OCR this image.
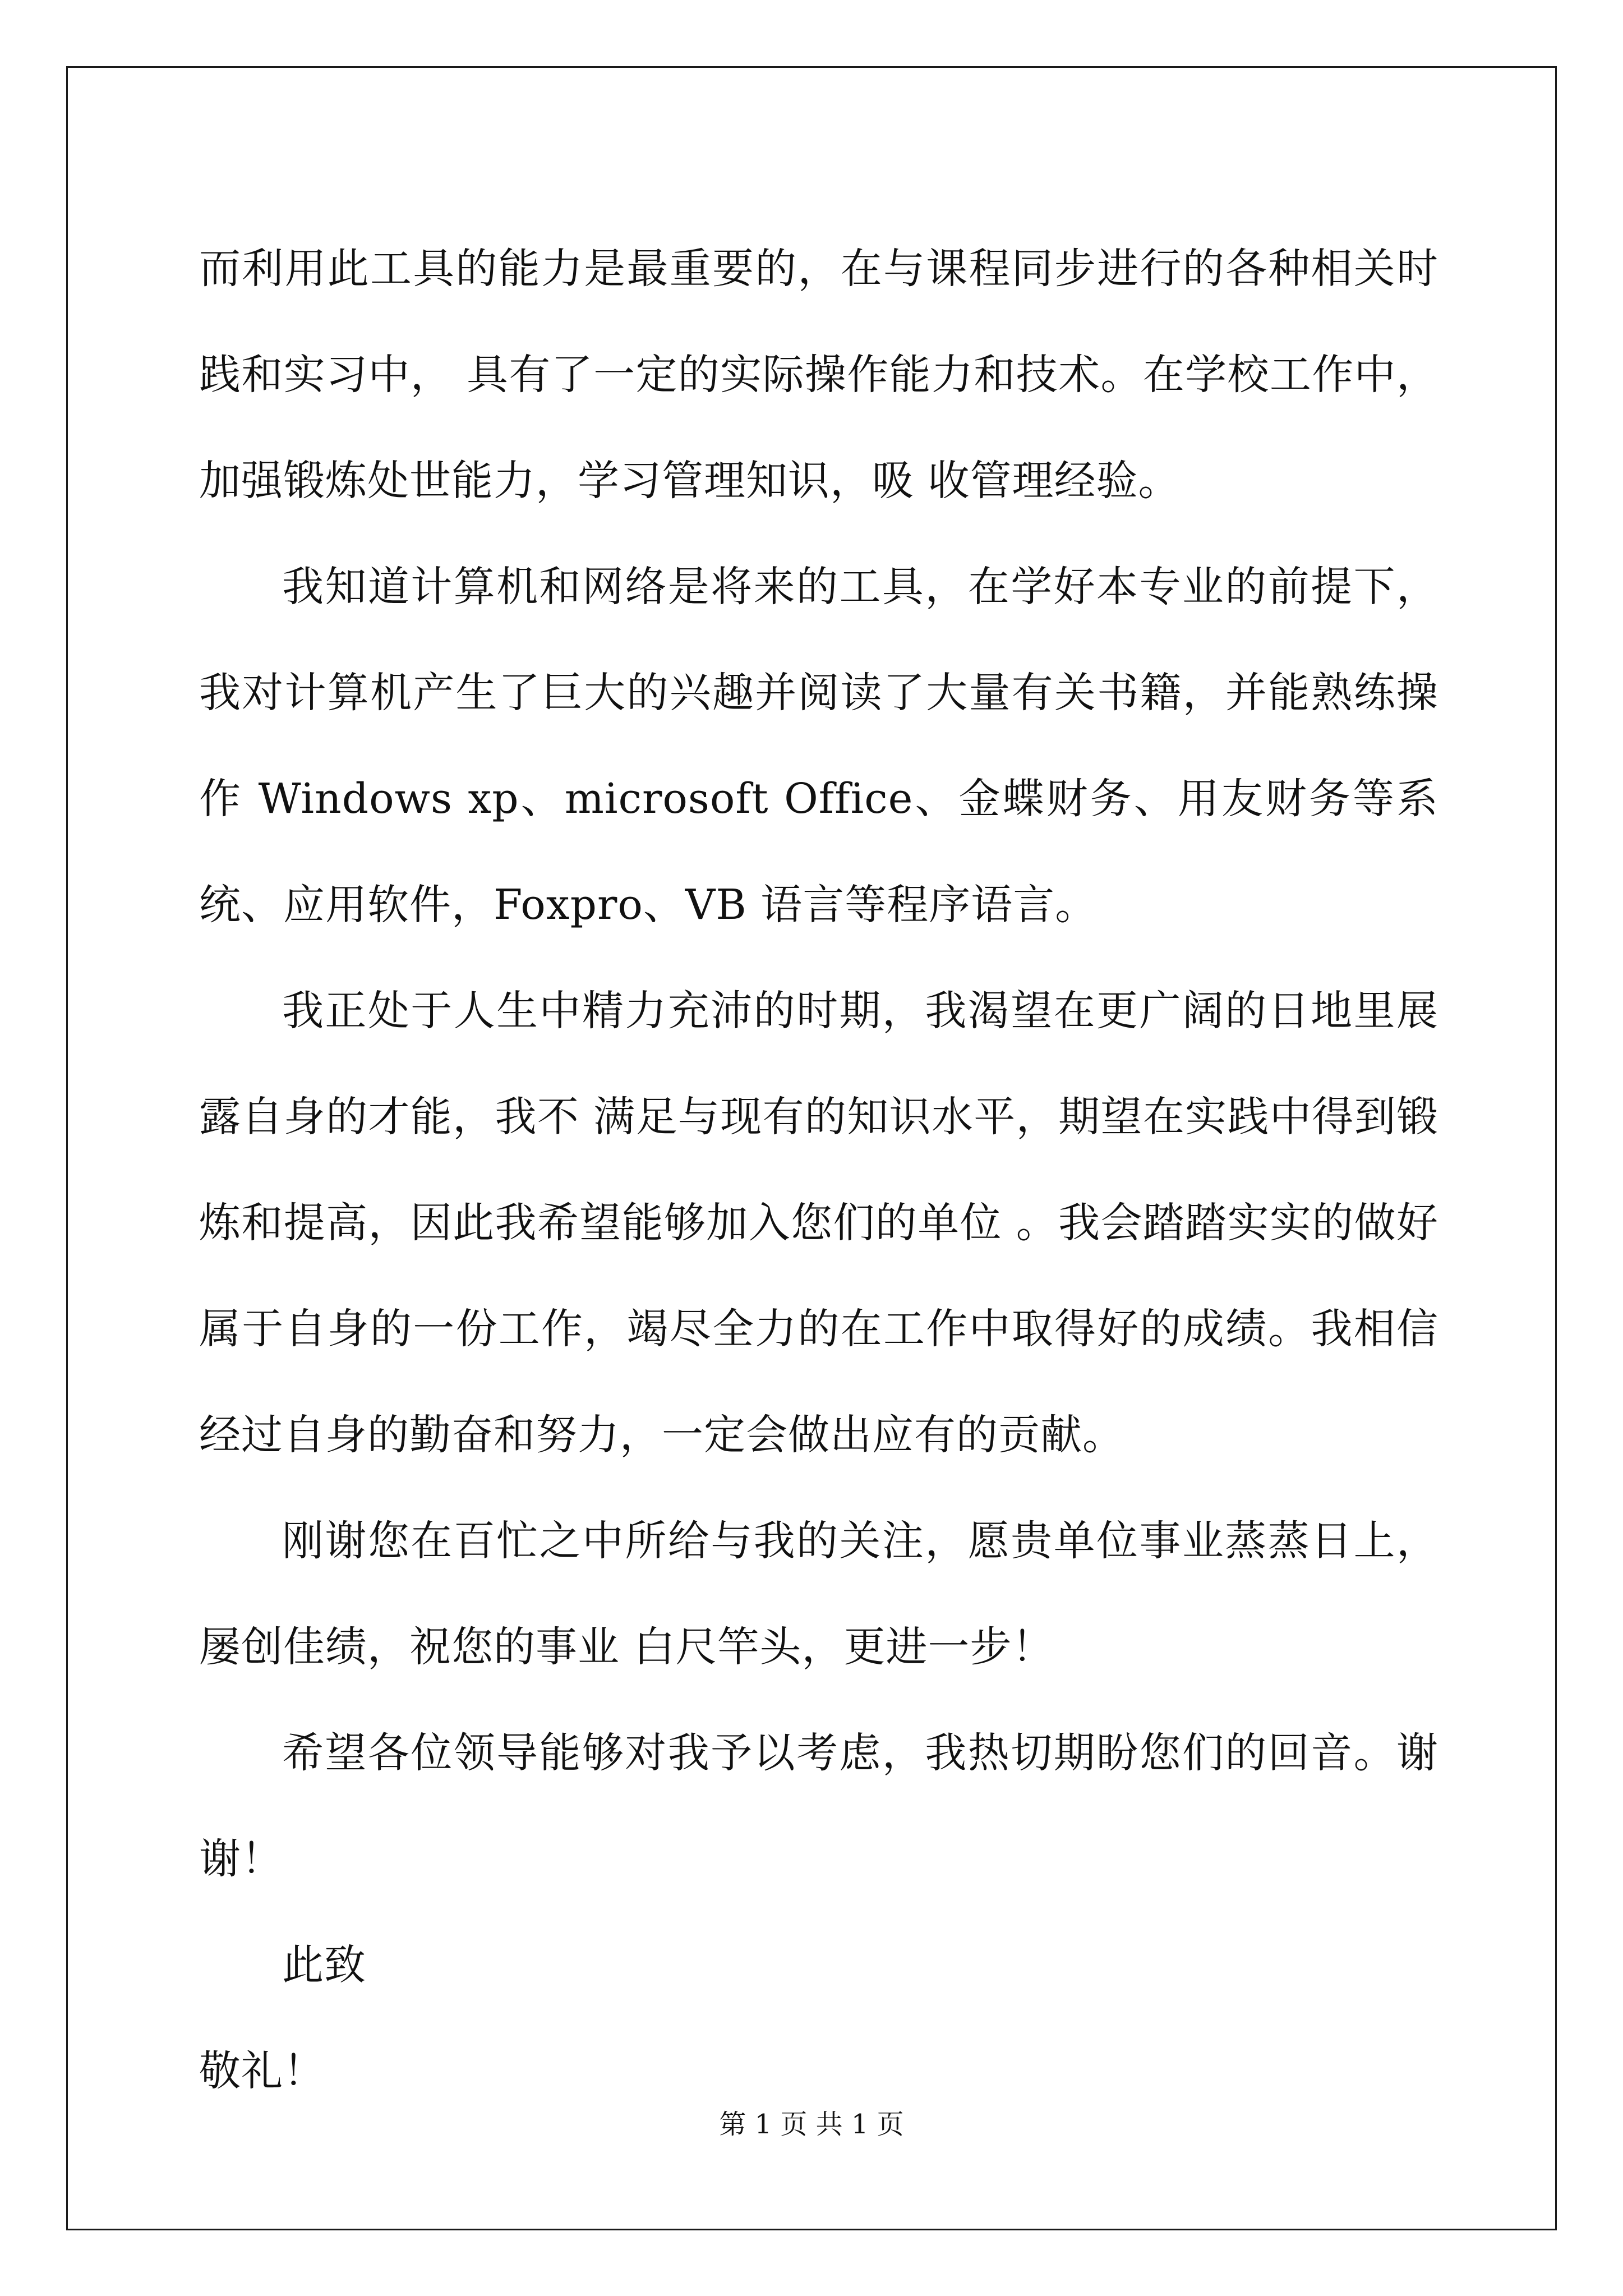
而利用此工具的能力是最重要的，在与课程同步进行的各种相关时践和实习中， 具有了一定的实际操作能力和技术。在学校工作中，加强锻炼处世能力，学习管理知识，吸 收管理经验。

我知道计算机和网络是将来的工具，在学好本专业的前提下，我对计算机产生了巨大的兴趣并阅读了大量有关书籍，并能熟练操作 Windows xp、microsoft Office、金蝶财务、用友财务等系统、应用软件，Foxpro、VB 语言等程序语言。

我正处于人生中精力充沛的时期，我渴望在更广阔的日地里展露自身的才能，我不 满足与现有的知识水平，期望在实践中得到锻炼和提高，因此我希望能够加入您们的单位 。我会踏踏实实的做好属于自身的一份工作，竭尽全力的在工作中取得好的成绩。我相信 经过自身的勤奋和努力，一定会做出应有的贡献。

刚谢您在百忙之中所给与我的关注，愿贵单位事业蒸蒸日上，屡创佳绩，祝您的事业 白尺竿头，更进一步！

希望各位领导能够对我予以考虑，我热切期盼您们的回音。谢谢！

此致

敬礼！

第 1 页 共 1 页
